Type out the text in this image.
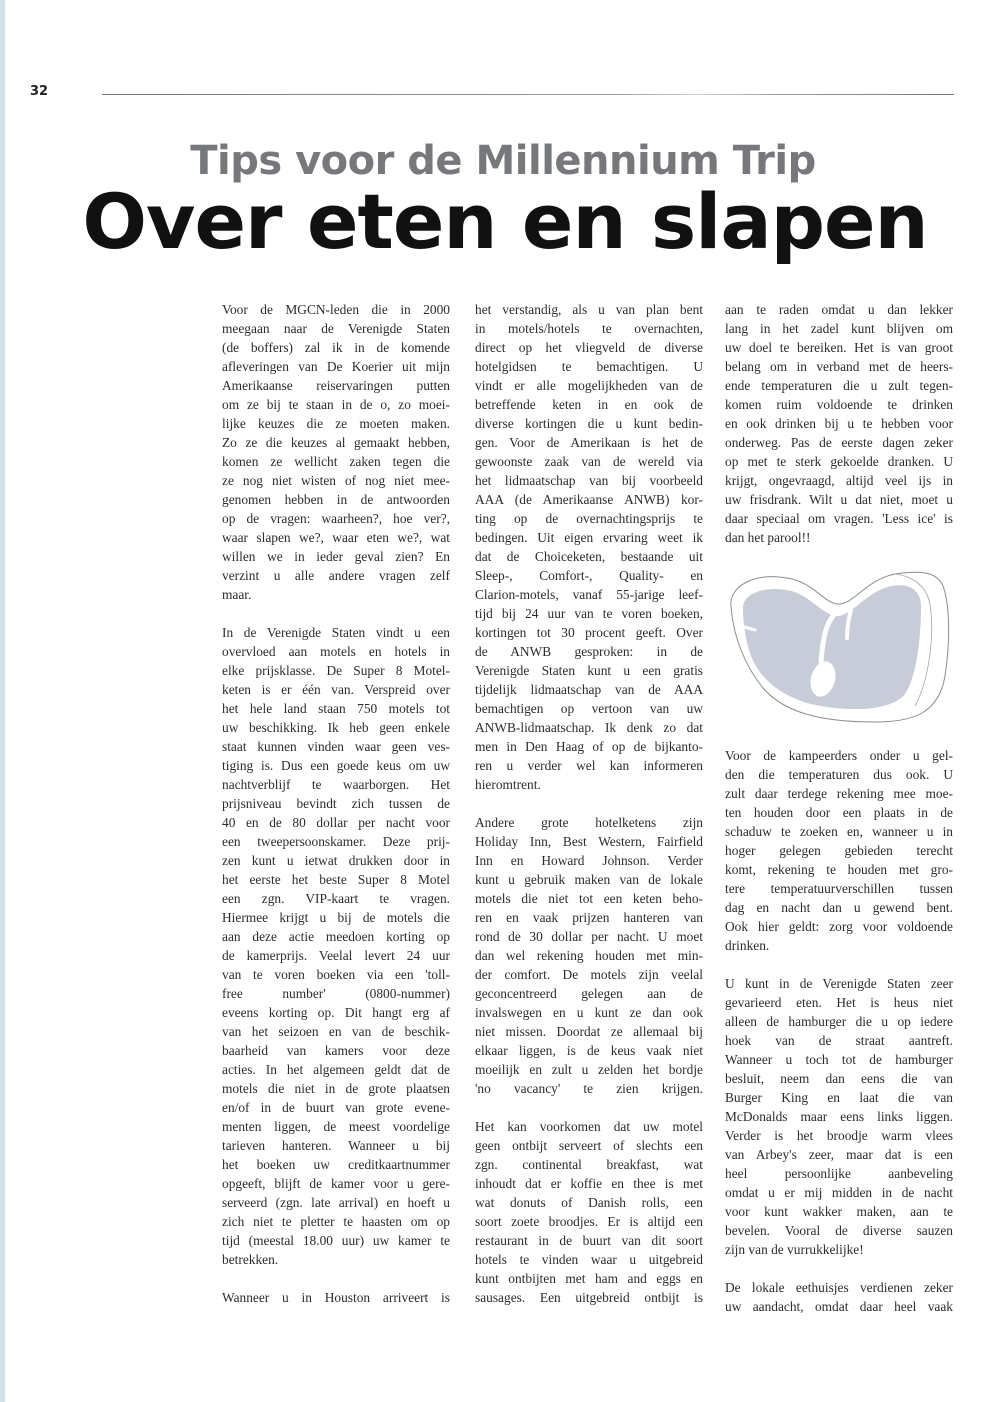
32
Tips voor de Millennium Trip
Over eten en slapen
Voor de MGCN-leden die in 2000
meegaan naar de Verenigde Staten
(de boffers) zal ik in de komende
afleveringen van De Koerier uit mijn
Amerikaanse reiservaringen putten
om ze bij te staan in de o, zo moei-
lijke keuzes die ze moeten maken.
Zo ze die keuzes al gemaakt hebben,
komen ze wellicht zaken tegen die
ze nog niet wisten of nog niet mee-
genomen hebben in de antwoorden
op de vragen: waarheen?, hoe ver?,
waar slapen we?, waar eten we?, wat
willen we in ieder geval zien? En
verzint u alle andere vragen zelf
maar.
In de Verenigde Staten vindt u een
overvloed aan motels en hotels in
elke prijsklasse. De Super 8 Motel-
keten is er één van. Verspreid over
het hele land staan 750 motels tot
uw beschikking. Ik heb geen enkele
staat kunnen vinden waar geen ves-
tiging is. Dus een goede keus om uw
nachtverblijf te waarborgen. Het
prijsniveau bevindt zich tussen de
40 en de 80 dollar per nacht voor
een tweepersoonskamer. Deze prij-
zen kunt u ietwat drukken door in
het eerste het beste Super 8 Motel
een zgn. VIP-kaart te vragen.
Hiermee krijgt u bij de motels die
aan deze actie meedoen korting op
de kamerprijs. Veelal levert 24 uur
van te voren boeken via een 'toll-
free number' (0800-nummer)
eveens korting op. Dit hangt erg af
van het seizoen en van de beschik-
baarheid van kamers voor deze
acties. In het algemeen geldt dat de
motels die niet in de grote plaatsen
en/of in de buurt van grote evene-
menten liggen, de meest voordelige
tarieven hanteren. Wanneer u bij
het boeken uw creditkaartnummer
opgeeft, blijft de kamer voor u gere-
serveerd (zgn. late arrival) en hoeft u
zich niet te pletter te haasten om op
tijd (meestal 18.00 uur) uw kamer te
betrekken.
Wanneer u in Houston arriveert is
het verstandig, als u van plan bent
in motels/hotels te overnachten,
direct op het vliegveld de diverse
hotelgidsen te bemachtigen. U
vindt er alle mogelijkheden van de
betreffende keten in en ook de
diverse kortingen die u kunt bedin-
gen. Voor de Amerikaan is het de
gewoonste zaak van de wereld via
het lidmaatschap van bij voorbeeld
AAA (de Amerikaanse ANWB) kor-
ting op de overnachtingsprijs te
bedingen. Uit eigen ervaring weet ik
dat de Choiceketen, bestaande uit
Sleep-, Comfort-, Quality- en
Clarion-motels, vanaf 55-jarige leef-
tijd bij 24 uur van te voren boeken,
kortingen tot 30 procent geeft. Over
de ANWB gesproken: in de
Verenigde Staten kunt u een gratis
tijdelijk lidmaatschap van de AAA
bemachtigen op vertoon van uw
ANWB-lidmaatschap. Ik denk zo dat
men in Den Haag of op de bijkanto-
ren u verder wel kan informeren
hieromtrent.
Andere grote hotelketens zijn
Holiday Inn, Best Western, Fairfield
Inn en Howard Johnson. Verder
kunt u gebruik maken van de lokale
motels die niet tot een keten beho-
ren en vaak prijzen hanteren van
rond de 30 dollar per nacht. U moet
dan wel rekening houden met min-
der comfort. De motels zijn veelal
geconcentreerd gelegen aan de
invalswegen en u kunt ze dan ook
niet missen. Doordat ze allemaal bij
elkaar liggen, is de keus vaak niet
moeilijk en zult u zelden het bordje
'no vacancy' te zien krijgen.
Het kan voorkomen dat uw motel
geen ontbijt serveert of slechts een
zgn. continental breakfast, wat
inhoudt dat er koffie en thee is met
wat donuts of Danish rolls, een
soort zoete broodjes. Er is altijd een
restaurant in de buurt van dit soort
hotels te vinden waar u uitgebreid
kunt ontbijten met ham and eggs en
sausages. Een uitgebreid ontbijt is
aan te raden omdat u dan lekker
lang in het zadel kunt blijven om
uw doel te bereiken. Het is van groot
belang om in verband met de heers-
ende temperaturen die u zult tegen-
komen ruim voldoende te drinken
en ook drinken bij u te hebben voor
onderweg. Pas de eerste dagen zeker
op met te sterk gekoelde dranken. U
krijgt, ongevraagd, altijd veel ijs in
uw frisdrank. Wilt u dat niet, moet u
daar speciaal om vragen. 'Less ice' is
dan het parool!!
Voor de kampeerders onder u gel-
den die temperaturen dus ook. U
zult daar terdege rekening mee moe-
ten houden door een plaats in de
schaduw te zoeken en, wanneer u in
hoger gelegen gebieden terecht
komt, rekening te houden met gro-
tere temperatuurverschillen tussen
dag en nacht dan u gewend bent.
Ook hier geldt: zorg voor voldoende
drinken.
U kunt in de Verenigde Staten zeer
gevarieerd eten. Het is heus niet
alleen de hamburger die u op iedere
hoek van de straat aantreft.
Wanneer u toch tot de hamburger
besluit, neem dan eens die van
Burger King en laat die van
McDonalds maar eens links liggen.
Verder is het broodje warm vlees
van Arbey's zeer, maar dat is een
heel persoonlijke aanbeveling
omdat u er mij midden in de nacht
voor kunt wakker maken, aan te
bevelen. Vooral de diverse sauzen
zijn van de vurrukkelijke!
De lokale eethuisjes verdienen zeker
uw aandacht, omdat daar heel vaak
